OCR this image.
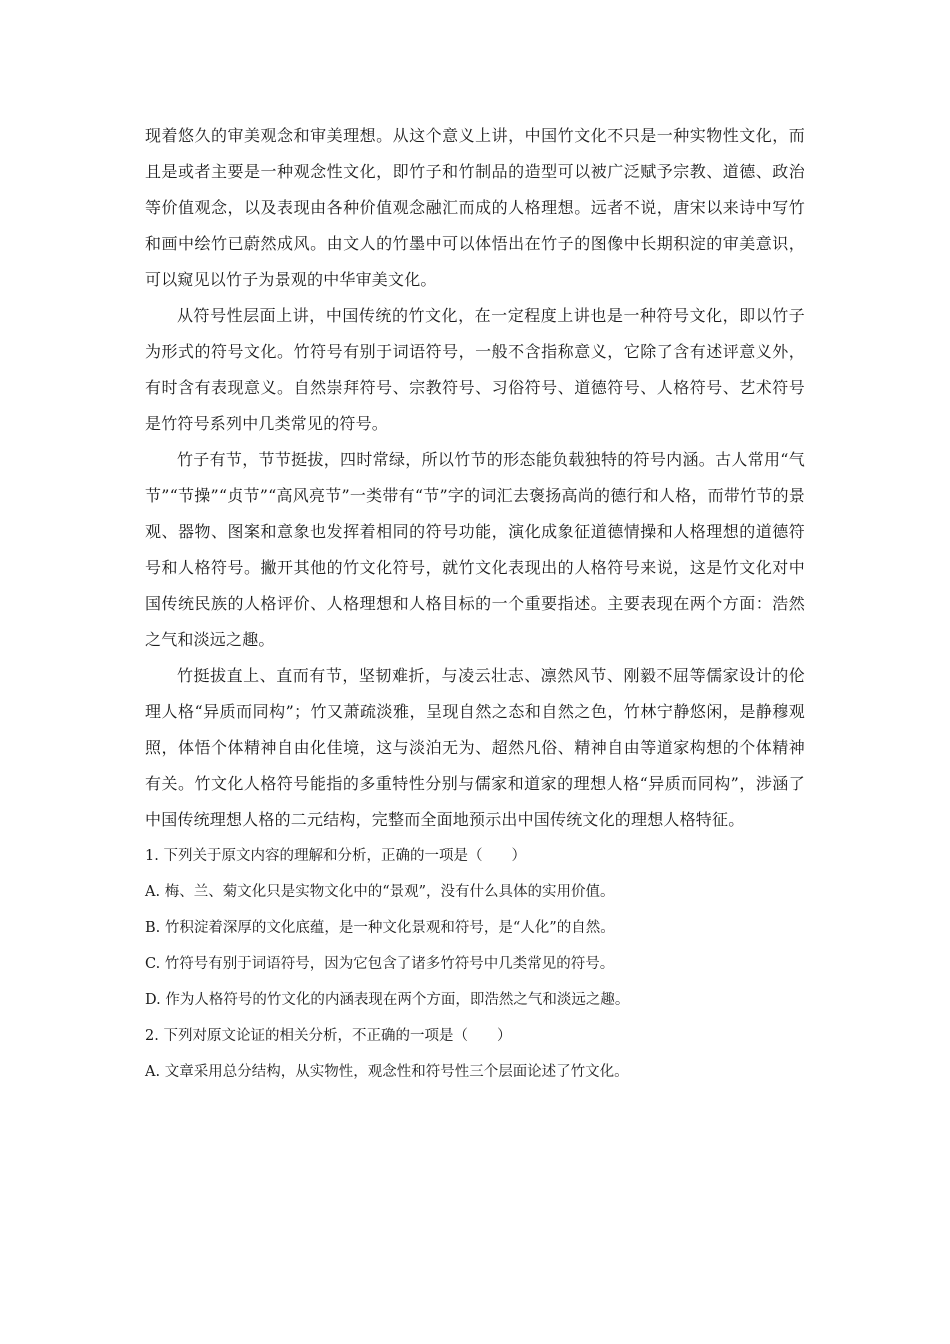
现着悠久的审美观念和审美理想。从这个意义上讲，中国竹文化不只是一种实物性文化，而且是或者主要是一种观念性文化，即竹子和竹制品的造型可以被广泛赋予宗教、道德、政治等价值观念，以及表现由各种价值观念融汇而成的人格理想。远者不说，唐宋以来诗中写竹和画中绘竹已蔚然成风。由文人的竹墨中可以体悟出在竹子的图像中长期积淀的审美意识，可以窥见以竹子为景观的中华审美文化。

从符号性层面上讲，中国传统的竹文化，在一定程度上讲也是一种符号文化，即以竹子为形式的符号文化。竹符号有别于词语符号，一般不含指称意义，它除了含有述评意义外，有时含有表现意义。自然崇拜符号、宗教符号、习俗符号、道德符号、人格符号、艺术符号是竹符号系列中几类常见的符号。

竹子有节，节节挺拔，四时常绿，所以竹节的形态能负载独特的符号内涵。古人常用“气节”“节操”“贞节”“高风亮节”一类带有“节”字的词汇去褒扬高尚的德行和人格，而带竹节的景观、器物、图案和意象也发挥着相同的符号功能，演化成象征道德情操和人格理想的道德符号和人格符号。撇开其他的竹文化符号，就竹文化表现出的人格符号来说，这是竹文化对中国传统民族的人格评价、人格理想和人格目标的一个重要指述。主要表现在两个方面：浩然之气和淡远之趣。

竹挺拔直上、直而有节，坚韧难折，与凌云壮志、凛然风节、刚毅不屈等儒家设计的伦理人格“异质而同构”；竹又萧疏淡雅，呈现自然之态和自然之色，竹林宁静悠闲，是静穆观照，体悟个体精神自由化佳境，这与淡泊无为、超然凡俗、精神自由等道家构想的个体精神有关。竹文化人格符号能指的多重特性分别与儒家和道家的理想人格“异质而同构”，涉涵了中国传统理想人格的二元结构，完整而全面地预示出中国传统文化的理想人格特征。

1. 下列关于原文内容的理解和分析，正确的一项是（　　）

A. 梅、兰、菊文化只是实物文化中的“景观”，没有什么具体的实用价值。

B. 竹积淀着深厚的文化底蕴，是一种文化景观和符号，是“人化”的自然。

C. 竹符号有别于词语符号，因为它包含了诸多竹符号中几类常见的符号。

D. 作为人格符号的竹文化的内涵表现在两个方面，即浩然之气和淡远之趣。

2. 下列对原文论证的相关分析，不正确的一项是（　　）

A. 文章采用总分结构，从实物性，观念性和符号性三个层面论述了竹文化。
